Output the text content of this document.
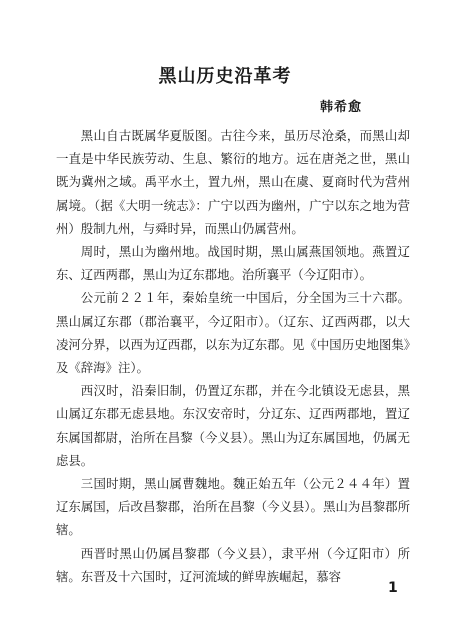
黑山历史沿革考
韩希愈

黑山自古既属华夏版图。古往今来，虽历尽沧桑，而黑山却一直是中华民族劳动、生息、繁衍的地方。远在唐尧之世，黑山既为冀州之域。禹平水土，置九州，黑山在虞、夏商时代为营州属境。（据《大明一统志》：广宁以西为幽州，广宁以东之地为营州）殷制九州，与舜时异，而黑山仍属营州。

周时，黑山为幽州地。战国时期，黑山属燕国领地。燕置辽东、辽西两郡，黑山为辽东郡地。治所襄平（今辽阳市）。

公元前２２１年，秦始皇统一中国后，分全国为三十六郡。黑山属辽东郡（郡治襄平，今辽阳市）。（辽东、辽西两郡，以大凌河分界，以西为辽西郡，以东为辽东郡。见《中国历史地图集》及《辞海》注）。

西汉时，沿秦旧制，仍置辽东郡，并在今北镇设无虑县，黑山属辽东郡无虑县地。东汉安帝时，分辽东、辽西两郡地，置辽东属国都尉，治所在昌黎（今义县）。黑山为辽东属国地，仍属无虑县。

三国时期，黑山属曹魏地。魏正始五年（公元２４４年）置辽东属国，后改昌黎郡，治所在昌黎（今义县）。黑山为昌黎郡所辖。

西晋时黑山仍属昌黎郡（今义县），隶平州（今辽阳市）所辖。东晋及十六国时，辽河流域的鲜卑族崛起，慕容

1
